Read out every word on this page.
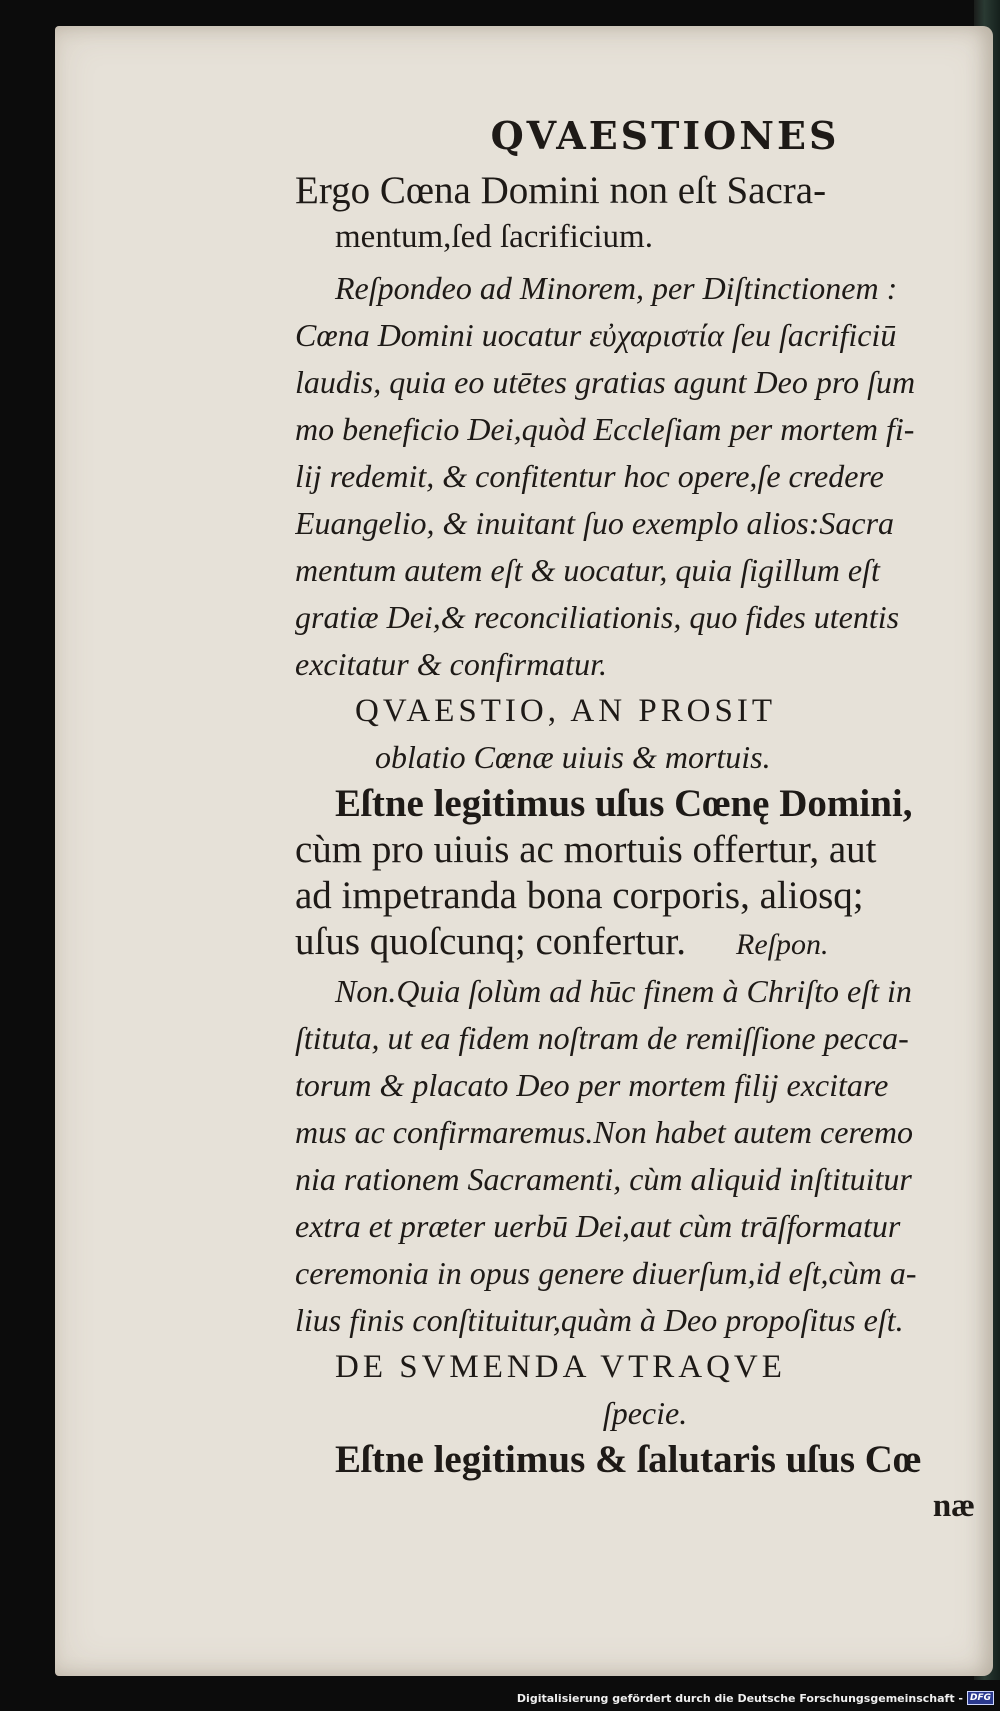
QVAESTIONES
Ergo Cœna Domini non eſt Sacra-
mentum,ſed ſacrificium.
Reſpondeo ad Minorem, per Diſtinctionem :
Cœna Domini uocatur εὐχαριστία ſeu ſacrificiū
laudis, quia eo utētes gratias agunt Deo pro ſum
mo beneficio Dei,quòd Eccleſiam per mortem fi-
lij redemit, & confitentur hoc opere,ſe credere
Euangelio, & inuitant ſuo exemplo alios:Sacra
mentum autem eſt & uocatur, quia ſigillum eſt
gratiæ Dei,& reconciliationis, quo fides utentis
excitatur & confirmatur.
QVAESTIO, AN PROSIT
oblatio Cœnæ uiuis & mortuis.
Eſtne legitimus uſus Cœnę Domini,
cùm pro uiuis ac mortuis offertur, aut
ad impetranda bona corporis, aliosq;
uſus quoſcunq; confertur. Reſpon.
Non.Quia ſolùm ad hūc finem à Chriſto eſt in
ſtituta, ut ea fidem noſtram de remiſſione pecca-
torum & placato Deo per mortem filij excitare
mus ac confirmaremus.Non habet autem ceremo
nia rationem Sacramenti, cùm aliquid inſtituitur
extra et præter uerbū Dei,aut cùm trāſformatur
ceremonia in opus genere diuerſum,id eſt,cùm a-
lius finis conſtituitur,quàm à Deo propoſitus eſt.
DE SVMENDA VTRAQVE
ſpecie.
Eſtne legitimus & ſalutaris uſus Cœ
næ
Digitalisierung gefördert durch die Deutsche Forschungsgemeinschaft - DFG
